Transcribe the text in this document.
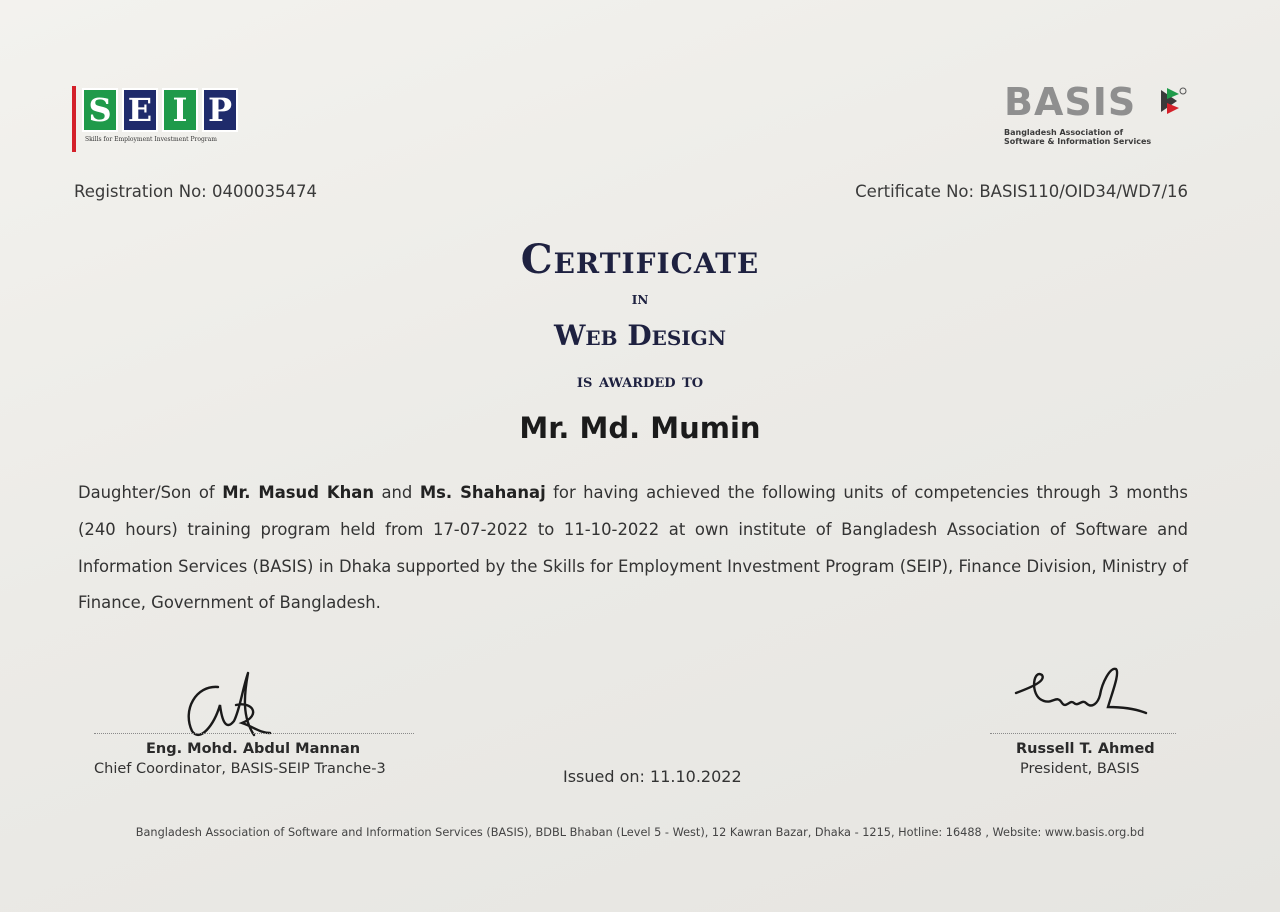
S E I P
Skills for Employment Investment Program
BASIS
Bangladesh Association of
Software & Information Services
Registration No: 0400035474	Certificate No: BASIS110/OID34/WD7/16
Certificate
in
Web Design
is awarded to
Mr. Md. Mumin
Daughter/Son of Mr. Masud Khan and Ms. Shahanaj for having achieved the following units of competencies through 3 months (240 hours) training program held from 17-07-2022 to 11-10-2022 at own institute of Bangladesh Association of Software and Information Services (BASIS) in Dhaka supported by the Skills for Employment Investment Program (SEIP), Finance Division, Ministry of Finance, Government of Bangladesh.
Eng. Mohd. Abdul Mannan
Chief Coordinator, BASIS-SEIP Tranche-3	Issued on: 11.10.2022
Russell T. Ahmed
President, BASIS
Bangladesh Association of Software and Information Services (BASIS), BDBL Bhaban (Level 5 - West), 12 Kawran Bazar, Dhaka - 1215, Hotline: 16488 , Website: www.basis.org.bd
